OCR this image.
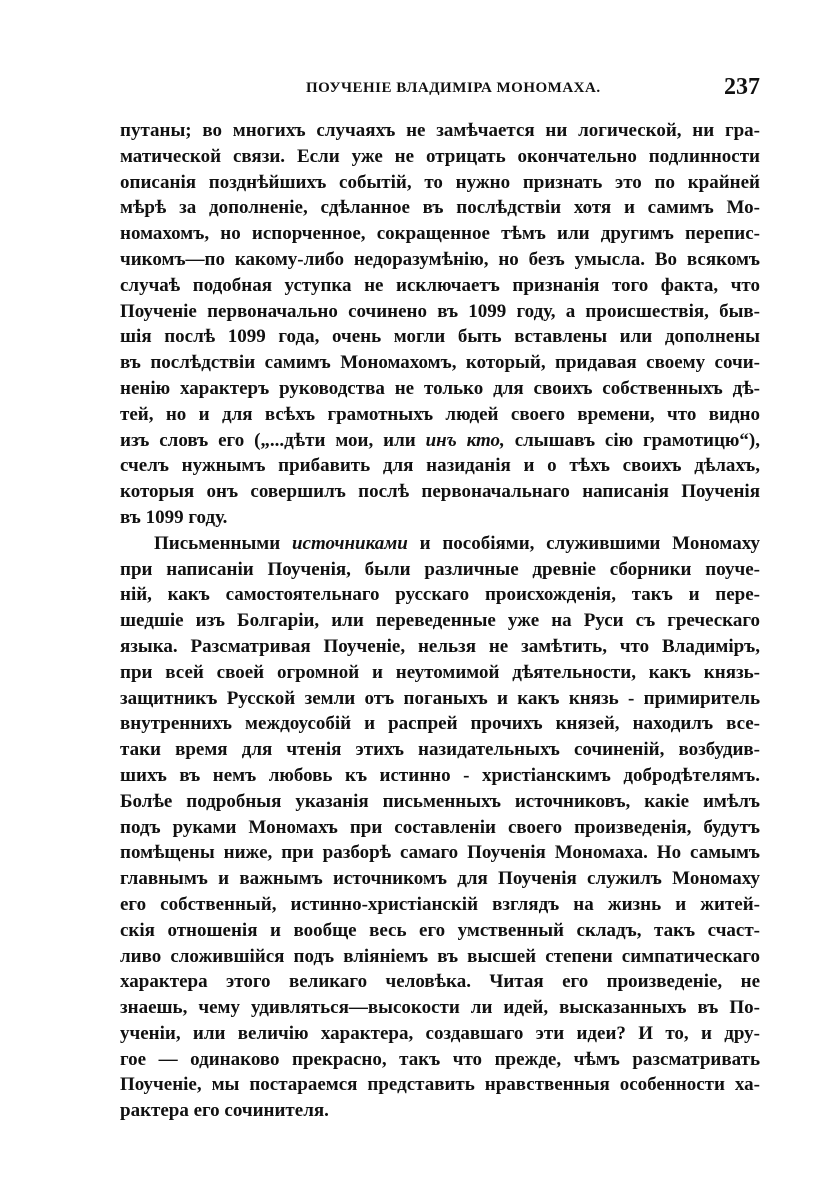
ПОУЧЕНІЕ ВЛАДИМІРА МОНОМАХА.	237
путаны; во многихъ случаяхъ не замѣчается ни логической, ни гра-
матической связи. Если уже не отрицать окончательно подлинности
описанія позднѣйшихъ событій, то нужно признать это по крайней
мѣрѣ за дополненіе, сдѣланное въ послѣдствіи хотя и самимъ Мо-
номахомъ, но испорченное, сокращенное тѣмъ или другимъ перепис-
чикомъ—по какому-либо недоразумѣнію, но безъ умысла. Во всякомъ
случаѣ подобная уступка не исключаетъ признанія того факта, что
Поученіе первоначально сочинено въ 1099 году, а происшествія, быв-
шія послѣ 1099 года, очень могли быть вставлены или дополнены
въ послѣдствіи самимъ Мономахомъ, который, придавая своему сочи-
ненію характеръ руководства не только для своихъ собственныхъ дѣ-
тей, но и для всѣхъ грамотныхъ людей своего времени, что видно
изъ словъ его („...дѣти мои, или инъ кто, слышавъ сію грамотицю“),
счелъ нужнымъ прибавить для назиданія и о тѣхъ своихъ дѣлахъ,
которыя онъ совершилъ послѣ первоначальнаго написанія Поученія
въ 1099 году.
Письменными источниками и пособіями, служившими Мономаху
при написаніи Поученія, были различные древніе сборники поуче-
ній, какъ самостоятельнаго русскаго происхожденія, такъ и пере-
шедшіе изъ Болгаріи, или переведенные уже на Руси съ греческаго
языка. Разсматривая Поученіе, нельзя не замѣтить, что Владиміръ,
при всей своей огромной и неутомимой дѣятельности, какъ князь-
защитникъ Русской земли отъ поганыхъ и какъ князь - примиритель
внутреннихъ междоусобій и распрей прочихъ князей, находилъ все-
таки время для чтенія этихъ назидательныхъ сочиненій, возбудив-
шихъ въ немъ любовь къ истинно - христіанскимъ добродѣтелямъ.
Болѣе подробныя указанія письменныхъ источниковъ, какіе имѣлъ
подъ руками Мономахъ при составленіи своего произведенія, будутъ
помѣщены ниже, при разборѣ самаго Поученія Мономаха. Но самымъ
главнымъ и важнымъ источникомъ для Поученія служилъ Мономаху
его собственный, истинно-христіанскій взглядъ на жизнь и житей-
скія отношенія и вообще весь его умственный складъ, такъ счаст-
ливо сложившійся подъ вліяніемъ въ высшей степени симпатическаго
характера этого великаго человѣка. Читая его произведеніе, не
знаешь, чему удивляться—высокости ли идей, высказанныхъ въ По-
ученіи, или величію характера, создавшаго эти идеи? И то, и дру-
гое — одинаково прекрасно, такъ что прежде, чѣмъ разсматривать
Поученіе, мы постараемся представить нравственныя особенности ха-
рактера его сочинителя.
